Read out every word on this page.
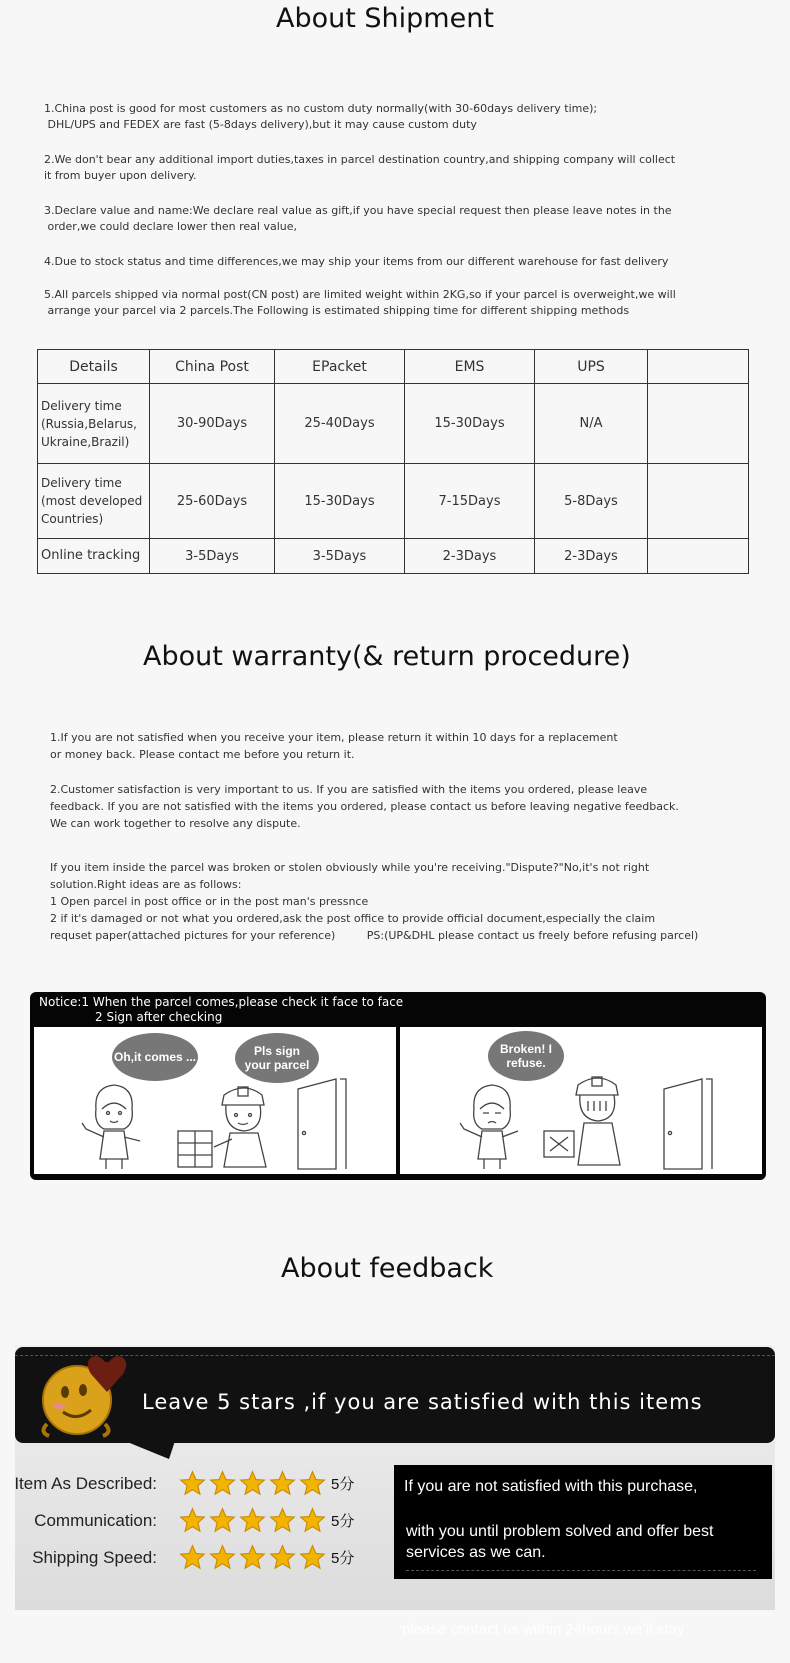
About Shipment

1.China post is good for most customers as no custom duty normally(with 30-60days delivery time);
DHL/UPS and FEDEX are fast (5-8days delivery),but it may cause custom duty

2.We don't bear any additional import duties,taxes in parcel destination country,and shipping company will collect
it from buyer upon delivery.

3.Declare value and name:We declare real value as gift,if you have special request then please leave notes in the
order,we could declare lower then real value,

4.Due to stock status and time differences,we may ship your items from our different warehouse for fast delivery

5.All parcels shipped via normal post(CN post) are limited weight within 2KG,so if your parcel is overweight,we will
arrange your parcel via 2 parcels.The Following is estimated shipping time for different shipping methods

Details	China Post	EPacket	EMS	UPS	
Delivery time
(Russia,Belarus,
Ukraine,Brazil)	30-90Days	25-40Days	15-30Days	N/A	
Delivery time
(most developed
Countries)	25-60Days	15-30Days	7-15Days	5-8Days	
Online tracking	3-5Days	3-5Days	2-3Days	2-3Days	
About warranty(& return procedure)
1.If you are not satisfied when you receive your item, please return it within 10 days for a replacement
or money back. Please contact me before you return it.
2.Customer satisfaction is very important to us. If you are satisfied with the items you ordered, please leave
feedback. If you are not satisfied with the items you ordered, please contact us before leaving negative feedback.
We can work together to resolve any dispute.
If you item inside the parcel was broken or stolen obviously while you're receiving."Dispute?"No,it's not right
solution.Right ideas are as follows:
1 Open parcel in post office or in the post man's pressnce
2 if it's damaged or not what you ordered,ask the post office to provide official document,especially the claim
requset paper(attached pictures for your reference)         PS:(UP&DHL please contact us freely before refusing parcel)
Notice:1 When the parcel comes,please check it face to face
2 Sign after checking
Oh,it comes ...	Pls sign your parcel
Broken! I refuse.
About feedback
Leave 5 stars ,if you are satisfied with this items
Item As Described:	5分
Communication:	5分
Shipping Speed:	5分
If you are not satisfied with this purchase,
with you until problem solved and offer best
services as we can.
please contact us within 24hours,we'll stay
